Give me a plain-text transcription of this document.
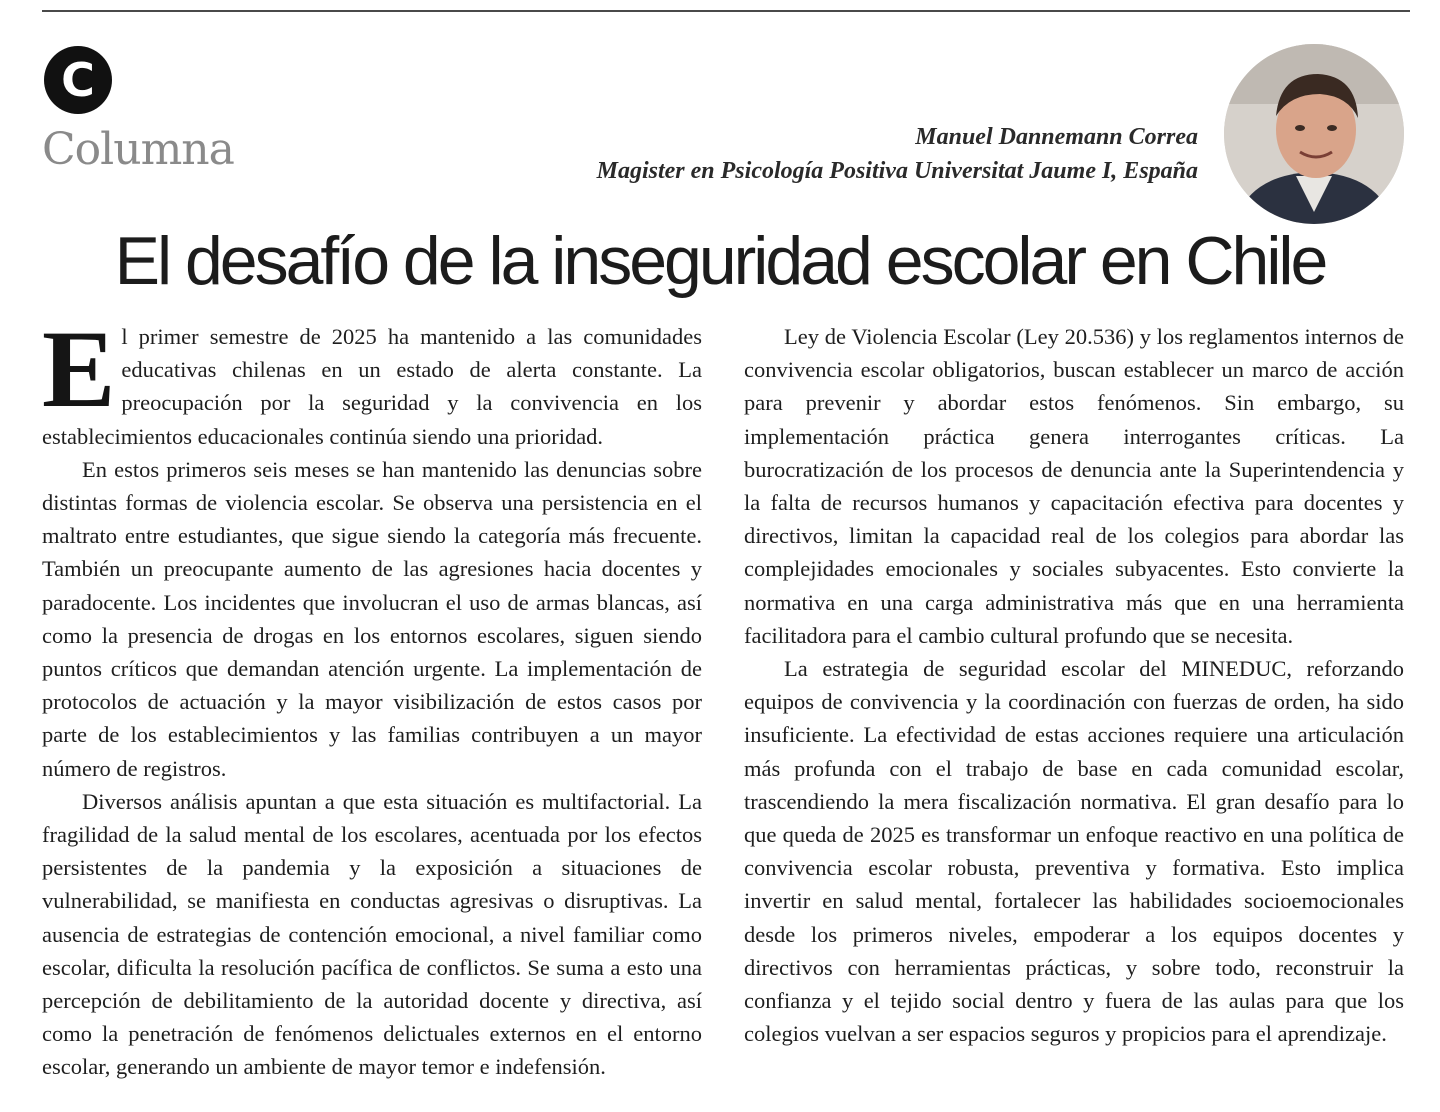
C
Columna	Manuel Dannemann Correa
Magister en Psicología Positiva Universitat Jaume I, España
El desafío de la inseguridad escolar en Chile

El primer semestre de 2025 ha mantenido a las comunidades educativas chilenas en un estado de alerta constante. La preocupación por la seguridad y la convivencia en los establecimientos educacionales continúa siendo una prioridad.

En estos primeros seis meses se han mantenido las denuncias sobre distintas formas de violencia escolar. Se observa una persistencia en el maltrato entre estudiantes, que sigue siendo la categoría más frecuente. También un preocupante aumento de las agresiones hacia docentes y paradocente. Los incidentes que involucran el uso de armas blancas, así como la presencia de drogas en los entornos escolares, siguen siendo puntos críticos que demandan atención urgente. La implementación de protocolos de actuación y la mayor visibilización de estos casos por parte de los establecimientos y las familias contribuyen a un mayor número de registros.

Diversos análisis apuntan a que esta situación es multifactorial. La fragilidad de la salud mental de los escolares, acentuada por los efectos persistentes de la pandemia y la exposición a situaciones de vulnerabilidad, se manifiesta en conductas agresivas o disruptivas. La ausencia de estrategias de contención emocional, a nivel familiar como escolar, dificulta la resolución pacífica de conflictos. Se suma a esto una percepción de debilitamiento de la autoridad docente y directiva, así como la penetración de fenómenos delictuales externos en el entorno escolar, generando un ambiente de mayor temor e indefensión.

Ley de Violencia Escolar (Ley 20.536) y los reglamentos internos de convivencia escolar obligatorios, buscan establecer un marco de acción para prevenir y abordar estos fenómenos. Sin embargo, su implementación práctica genera interrogantes críticas. La burocratización de los procesos de denuncia ante la Superintendencia y la falta de recursos humanos y capacitación efectiva para docentes y directivos, limitan la capacidad real de los colegios para abordar las complejidades emocionales y sociales subyacentes. Esto convierte la normativa en una carga administrativa más que en una herramienta facilitadora para el cambio cultural profundo que se necesita.

La estrategia de seguridad escolar del MINEDUC, reforzando equipos de convivencia y la coordinación con fuerzas de orden, ha sido insuficiente. La efectividad de estas acciones requiere una articulación más profunda con el trabajo de base en cada comunidad escolar, trascendiendo la mera fiscalización normativa. El gran desafío para lo que queda de 2025 es transformar un enfoque reactivo en una política de convivencia escolar robusta, preventiva y formativa. Esto implica invertir en salud mental, fortalecer las habilidades socioemocionales desde los primeros niveles, empoderar a los equipos docentes y directivos con herramientas prácticas, y sobre todo, reconstruir la confianza y el tejido social dentro y fuera de las aulas para que los colegios vuelvan a ser espacios seguros y propicios para el aprendizaje.
